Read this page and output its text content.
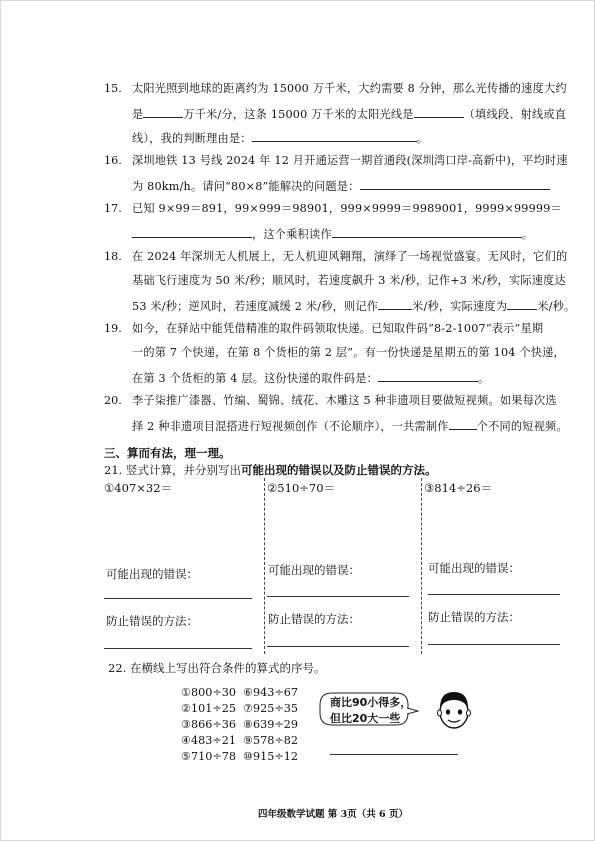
15. 太阳光照到地球的距离约为 15000 万千米，大约需要 8 分钟，那么光传播的速度大约
是	万千米/分，这条 15000 万千米的太阳光线是	（填线段、射线或直
线），我的判断理由是：	。
16. 深圳地铁 13 号线 2024 年 12 月开通运营一期首通段(深圳湾口岸-高新中)，平均时速
为 80km/h。请问“80×8”能解决的问题是：
17. 已知 9×99＝891，99×999＝98901，999×9999＝9989001，9999×99999＝
，这个乘积读作	。
18. 在 2024 年深圳无人机展上，无人机迎风翱翔，演绎了一场视觉盛宴。无风时，它们的
基础飞行速度为 50 米/秒；顺风时，若速度飙升 3 米/秒，记作+3 米/秒，实际速度达
53 米/秒；逆风时，若速度减缓 2 米/秒，则记作	米/秒，实际速度为	米/秒。
19. 如今，在驿站中能凭借精准的取件码领取快递。已知取件码“8-2-1007”表示“星期
一的第 7 个快递，在第 8 个货柜的第 2 层”。有一份快递是星期五的第 104 个快递，
在第 3 个货柜的第 4 层。这份快递的取件码是：	。
20. 李子柒推广漆器、竹编、蜀锦、绒花、木雕这 5 种非遗项目要做短视频。如果每次选
择 2 种非遗项目混搭进行短视频创作（不论顺序），一共需制作	个不同的短视频。
三、算而有法，理一理。
21. 竖式计算，并分别写出可能出现的错误以及防止错误的方法。
①407×32＝	②510÷70＝	③814÷26＝
可能出现的错误：	可能出现的错误：	可能出现的错误：
防止错误的方法：	防止错误的方法：	防止错误的方法：
22. 在横线上写出符合条件的算式的序号。
①800÷30
②101÷25
③866÷36
④483÷21
⑤710÷78
⑥943÷67
⑦925÷35
⑧639÷29
⑨578÷82
⑩915÷12
商比90小得多，
但比20大一些
四年级数学试题 第 3页（共 6 页）
